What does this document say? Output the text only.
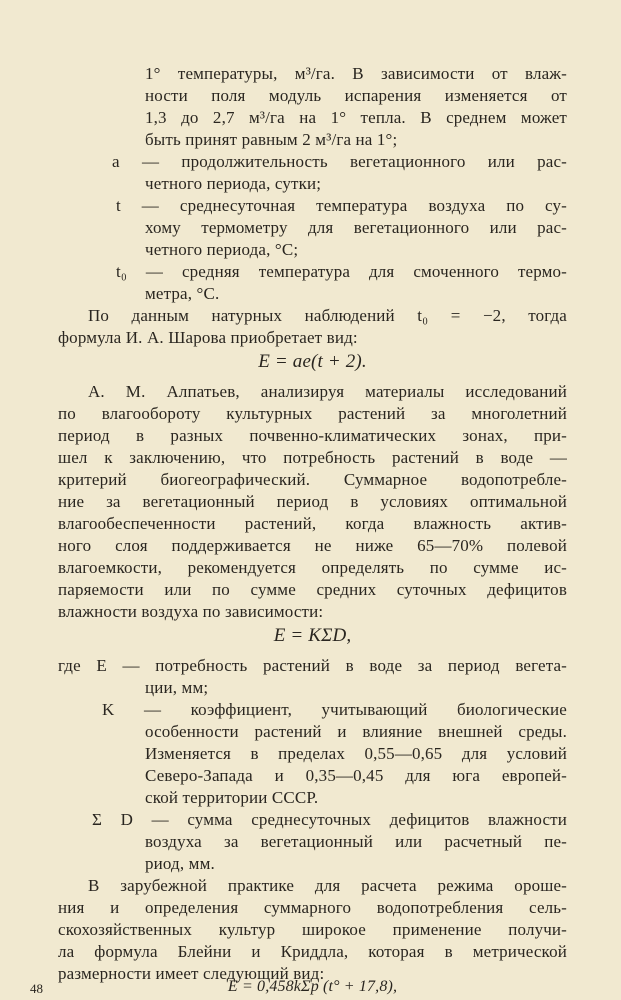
1° температуры, м³/га. В зависимости от влаж-
ности поля модуль испарения изменяется от
1,3 до 2,7 м³/га на 1° тепла. В среднем может
быть принят равным 2 м³/га на 1°;
a — продолжительность вегетационного или рас-
четного периода, сутки;
t — среднесуточная температура воздуха по су-
хому термометру для вегетационного или рас-
четного периода, °C;
t₀ — средняя температура для смоченного термо-
метра, °C.
По данным натурных наблюдений t₀ = −2, тогда
формула И. А. Шарова приобретает вид:
E = ae(t + 2).
А. М. Алпатьев, анализируя материалы исследований
по влагообороту культурных растений за многолетний
период в разных почвенно-климатических зонах, при-
шел к заключению, что потребность растений в воде —
критерий биогеографический. Суммарное водопотребле-
ние за вегетационный период в условиях оптимальной
влагообеспеченности растений, когда влажность актив-
ного слоя поддерживается не ниже 65—70% полевой
влагоемкости, рекомендуется определять по сумме ис-
паряемости или по сумме средних суточных дефицитов
влажности воздуха по зависимости:
E = KΣD,
где E — потребность растений в воде за период вегета-
ции, мм;
K — коэффициент, учитывающий биологические
особенности растений и влияние внешней среды.
Изменяется в пределах 0,55—0,65 для условий
Северо-Запада и 0,35—0,45 для юга европей-
ской территории СССР.
Σ D — сумма среднесуточных дефицитов влажности
воздуха за вегетационный или расчетный пе-
риод, мм.
В зарубежной практике для расчета режима ороше-
ния и определения суммарного водопотребления сель-
скохозяйственных культур широкое применение получи-
ла формула Блейни и Криддла, которая в метрической
размерности имеет следующий вид:
E = 0,458kΣp (t° + 17,8),
48
